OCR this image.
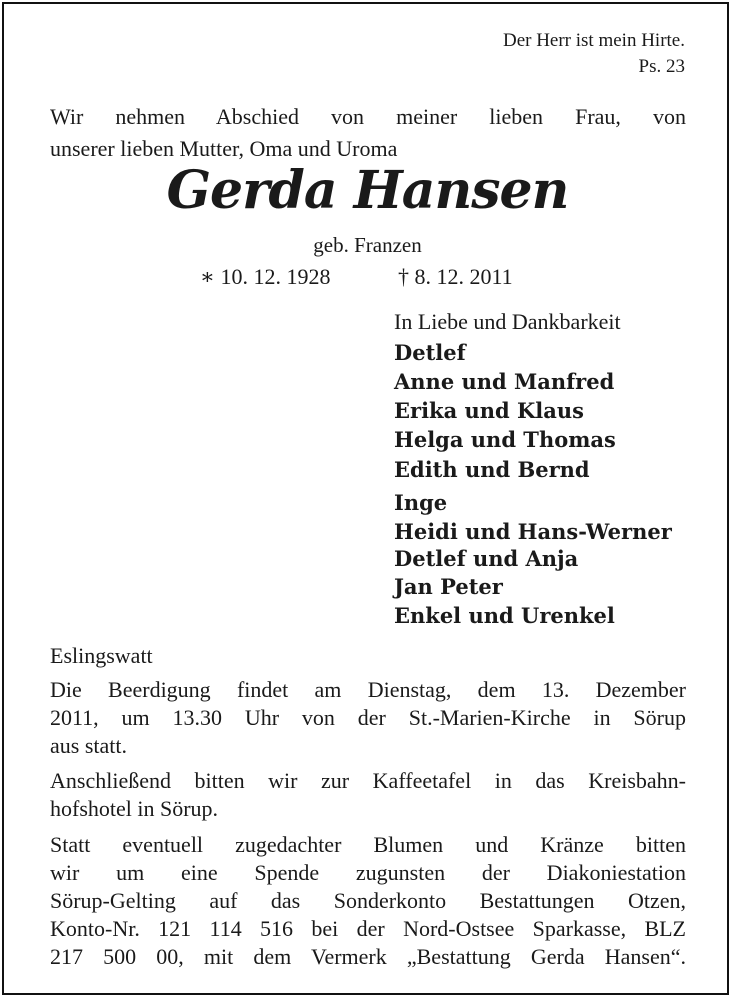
Der Herr ist mein Hirte.
Ps. 23
Wir nehmen Abschied von meiner lieben Frau, von
unserer lieben Mutter, Oma und Uroma
Gerda Hansen
geb. Franzen
∗ 10. 12. 1928	† 8. 12. 2011
In Liebe und Dankbarkeit
Detlef
Anne und Manfred
Erika und Klaus
Helga und Thomas
Edith und Bernd
Inge
Heidi und Hans-Werner
Detlef und Anja
Jan Peter
Enkel und Urenkel
Eslingswatt
Die Beerdigung findet am Dienstag, dem 13. Dezember
2011, um 13.30 Uhr von der St.-Marien-Kirche in Sörup
aus statt.
Anschließend bitten wir zur Kaffeetafel in das Kreisbahn-
hofshotel in Sörup.
Statt eventuell zugedachter Blumen und Kränze bitten
wir um eine Spende zugunsten der Diakoniestation
Sörup-Gelting auf das Sonderkonto Bestattungen Otzen,
Konto-Nr. 121 114 516 bei der Nord-Ostsee Sparkasse, BLZ
217 500 00, mit dem Vermerk „Bestattung Gerda Hansen“.
